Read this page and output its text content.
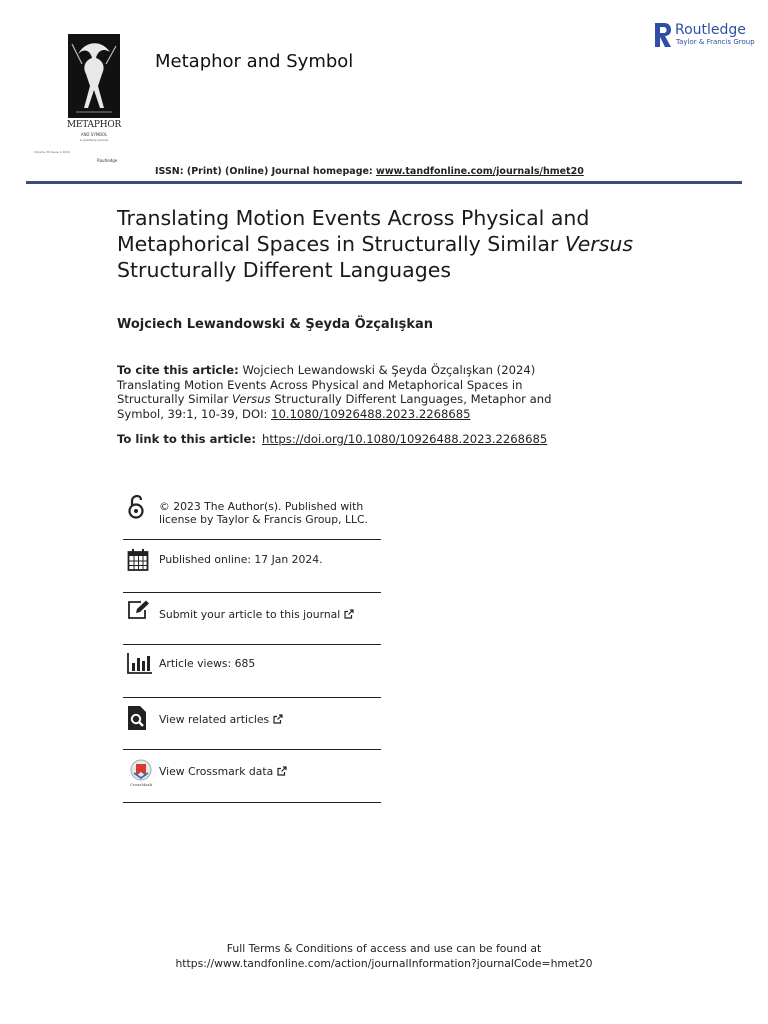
METAPHOR
AND SYMBOL
A quarterly journal
Volume 39 Issue 1 2024
Routledge
Metaphor and Symbol
Routledge
Taylor & Francis Group
ISSN: (Print) (Online) Journal homepage: www.tandfonline.com/journals/hmet20
Translating Motion Events Across Physical and Metaphorical Spaces in Structurally Similar Versus Structurally Different Languages
Wojciech Lewandowski & Şeyda Özçalışkan
To cite this article: Wojciech Lewandowski & Şeyda Özçalışkan (2024) Translating Motion Events Across Physical and Metaphorical Spaces in Structurally Similar Versus Structurally Different Languages, Metaphor and Symbol, 39:1, 10-39, DOI: 10.1080/10926488.2023.2268685
To link to this article: https://doi.org/10.1080/10926488.2023.2268685
© 2023 The Author(s). Published with
license by Taylor & Francis Group, LLC.
Published online: 17 Jan 2024.
Submit your article to this journal
Article views: 685
View related articles
CrossMark
View Crossmark data
Full Terms & Conditions of access and use can be found at
https://www.tandfonline.com/action/journalInformation?journalCode=hmet20
